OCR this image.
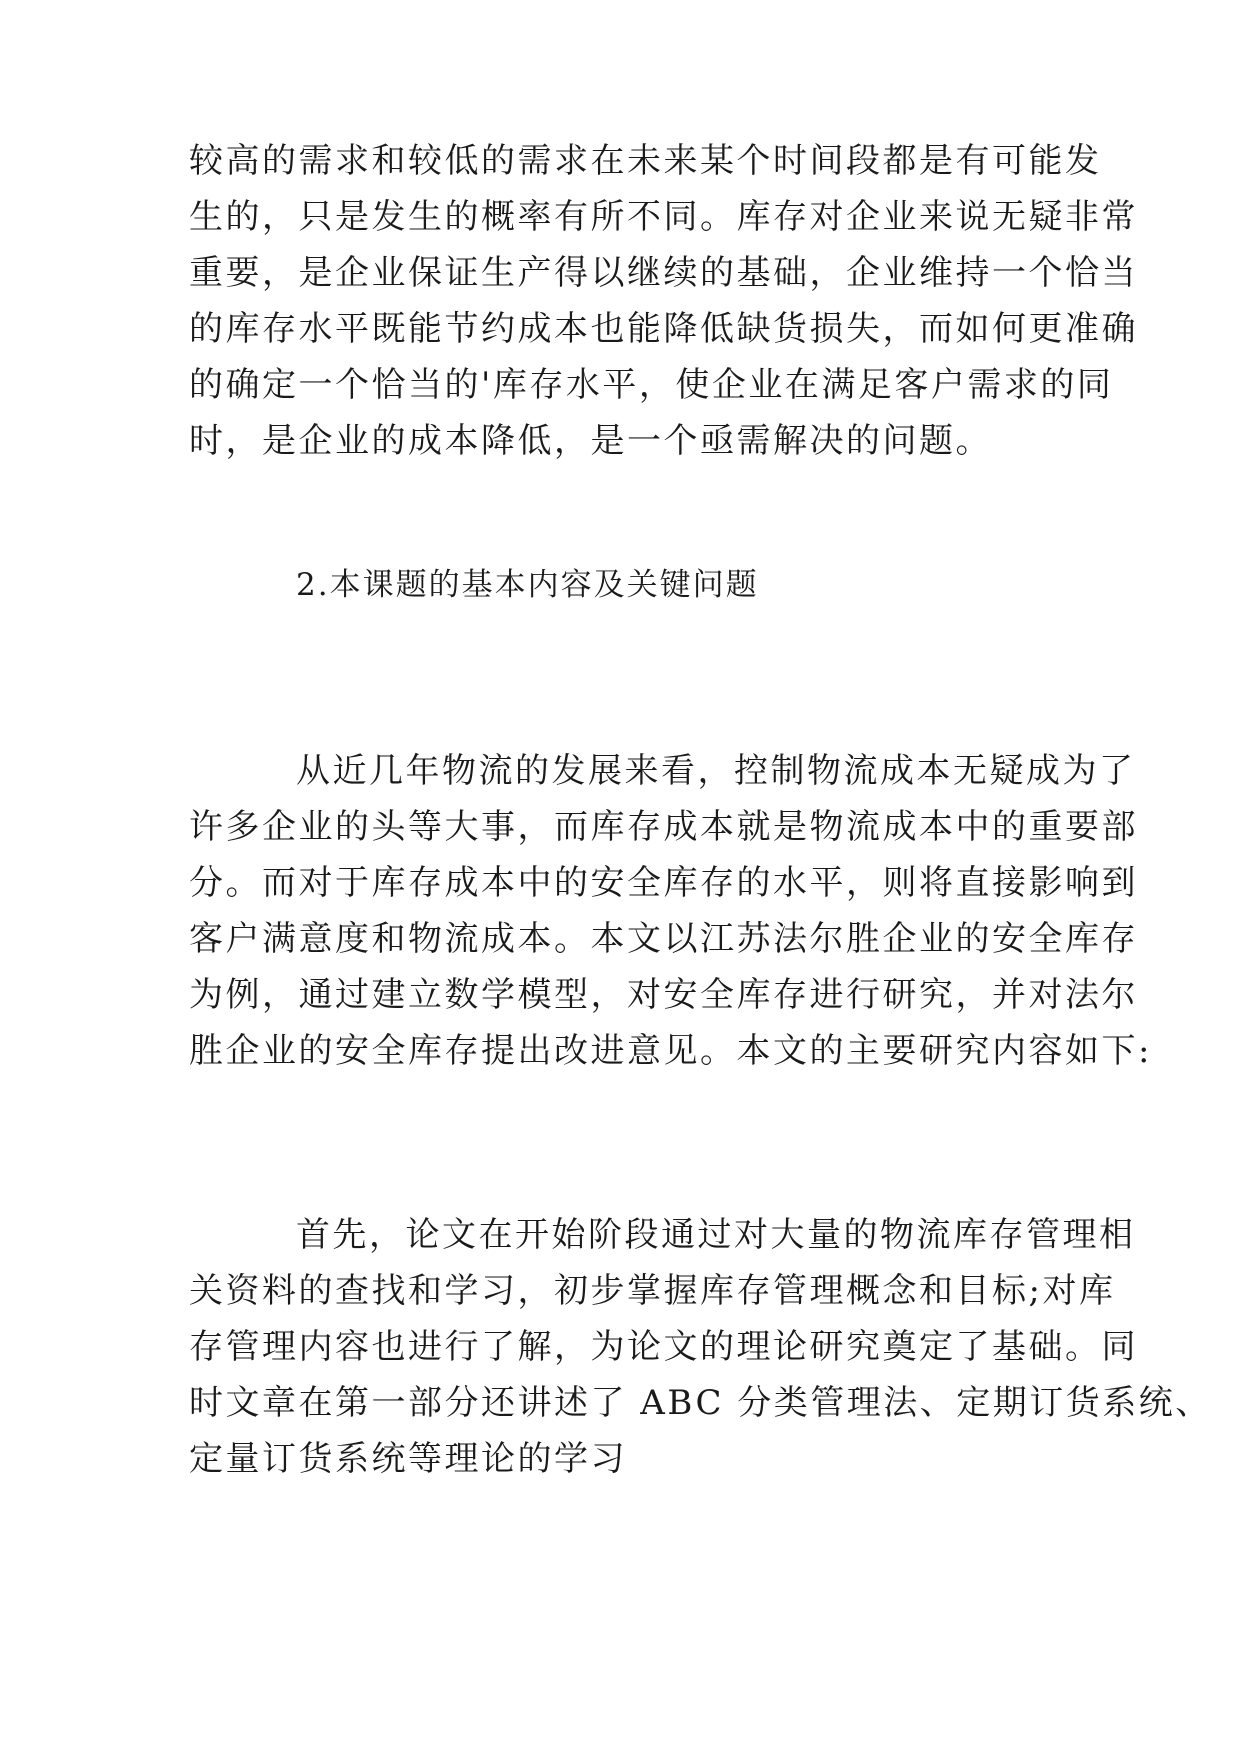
较高的需求和较低的需求在未来某个时间段都是有可能发
生的，只是发生的概率有所不同。库存对企业来说无疑非常
重要，是企业保证生产得以继续的基础，企业维持一个恰当
的库存水平既能节约成本也能降低缺货损失，而如何更准确
的确定一个恰当的'库存水平，使企业在满足客户需求的同
时，是企业的成本降低，是一个亟需解决的问题。
2.本课题的基本内容及关键问题
从近几年物流的发展来看，控制物流成本无疑成为了
许多企业的头等大事，而库存成本就是物流成本中的重要部
分。而对于库存成本中的安全库存的水平，则将直接影响到
客户满意度和物流成本。本文以江苏法尔胜企业的安全库存
为例，通过建立数学模型，对安全库存进行研究，并对法尔
胜企业的安全库存提出改进意见。本文的主要研究内容如下:
首先，论文在开始阶段通过对大量的物流库存管理相
关资料的查找和学习，初步掌握库存管理概念和目标;对库
存管理内容也进行了解，为论文的理论研究奠定了基础。同
时文章在第一部分还讲述了 ABC 分类管理法、定期订货系统、
定量订货系统等理论的学习
